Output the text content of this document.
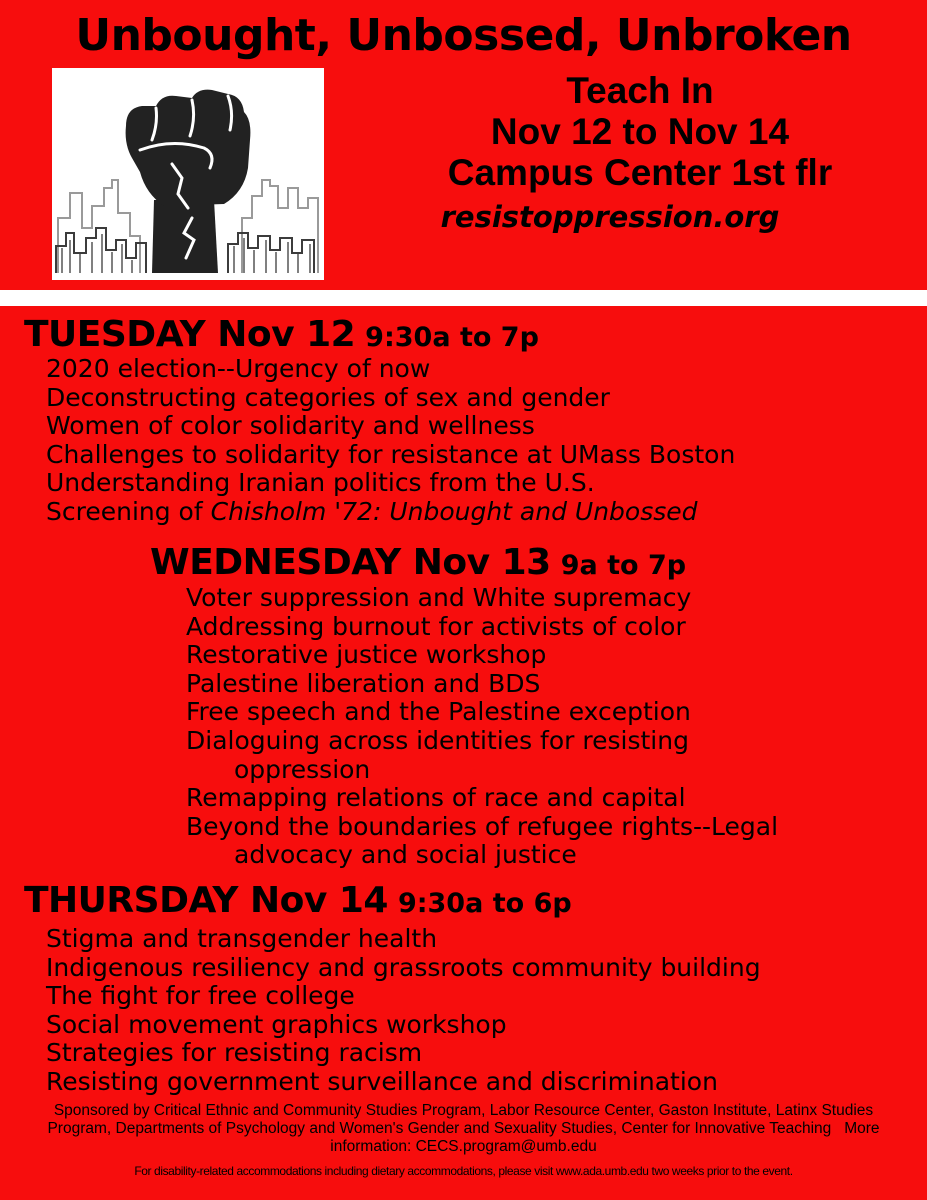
Unbought, Unbossed, Unbroken
Teach In
Nov 12 to Nov 14
Campus Center 1st flr
resistoppression.org
TUESDAY Nov 12 9:30a to 7p
2020 election--Urgency of now
Deconstructing categories of sex and gender
Women of color solidarity and wellness
Challenges to solidarity for resistance at UMass Boston
Understanding Iranian politics from the U.S.
Screening of Chisholm '72: Unbought and Unbossed
WEDNESDAY Nov 13 9a to 7p
Voter suppression and White supremacy
Addressing burnout for activists of color
Restorative justice workshop
Palestine liberation and BDS
Free speech and the Palestine exception
Dialoguing across identities for resisting
oppression
Remapping relations of race and capital
Beyond the boundaries of refugee rights--Legal
advocacy and social justice
THURSDAY Nov 14 9:30a to 6p
Stigma and transgender health
Indigenous resiliency and grassroots community building
The fight for free college
Social movement graphics workshop
Strategies for resisting racism
Resisting government surveillance and discrimination
Sponsored by Critical Ethnic and Community Studies Program, Labor Resource Center, Gaston Institute, Latinx Studies Program, Departments of Psychology and Women's Gender and Sexuality Studies, Center for Innovative Teaching More information: CECS.program@umb.edu
For disability-related accommodations including dietary accommodations, please visit www.ada.umb.edu two weeks prior to the event.
